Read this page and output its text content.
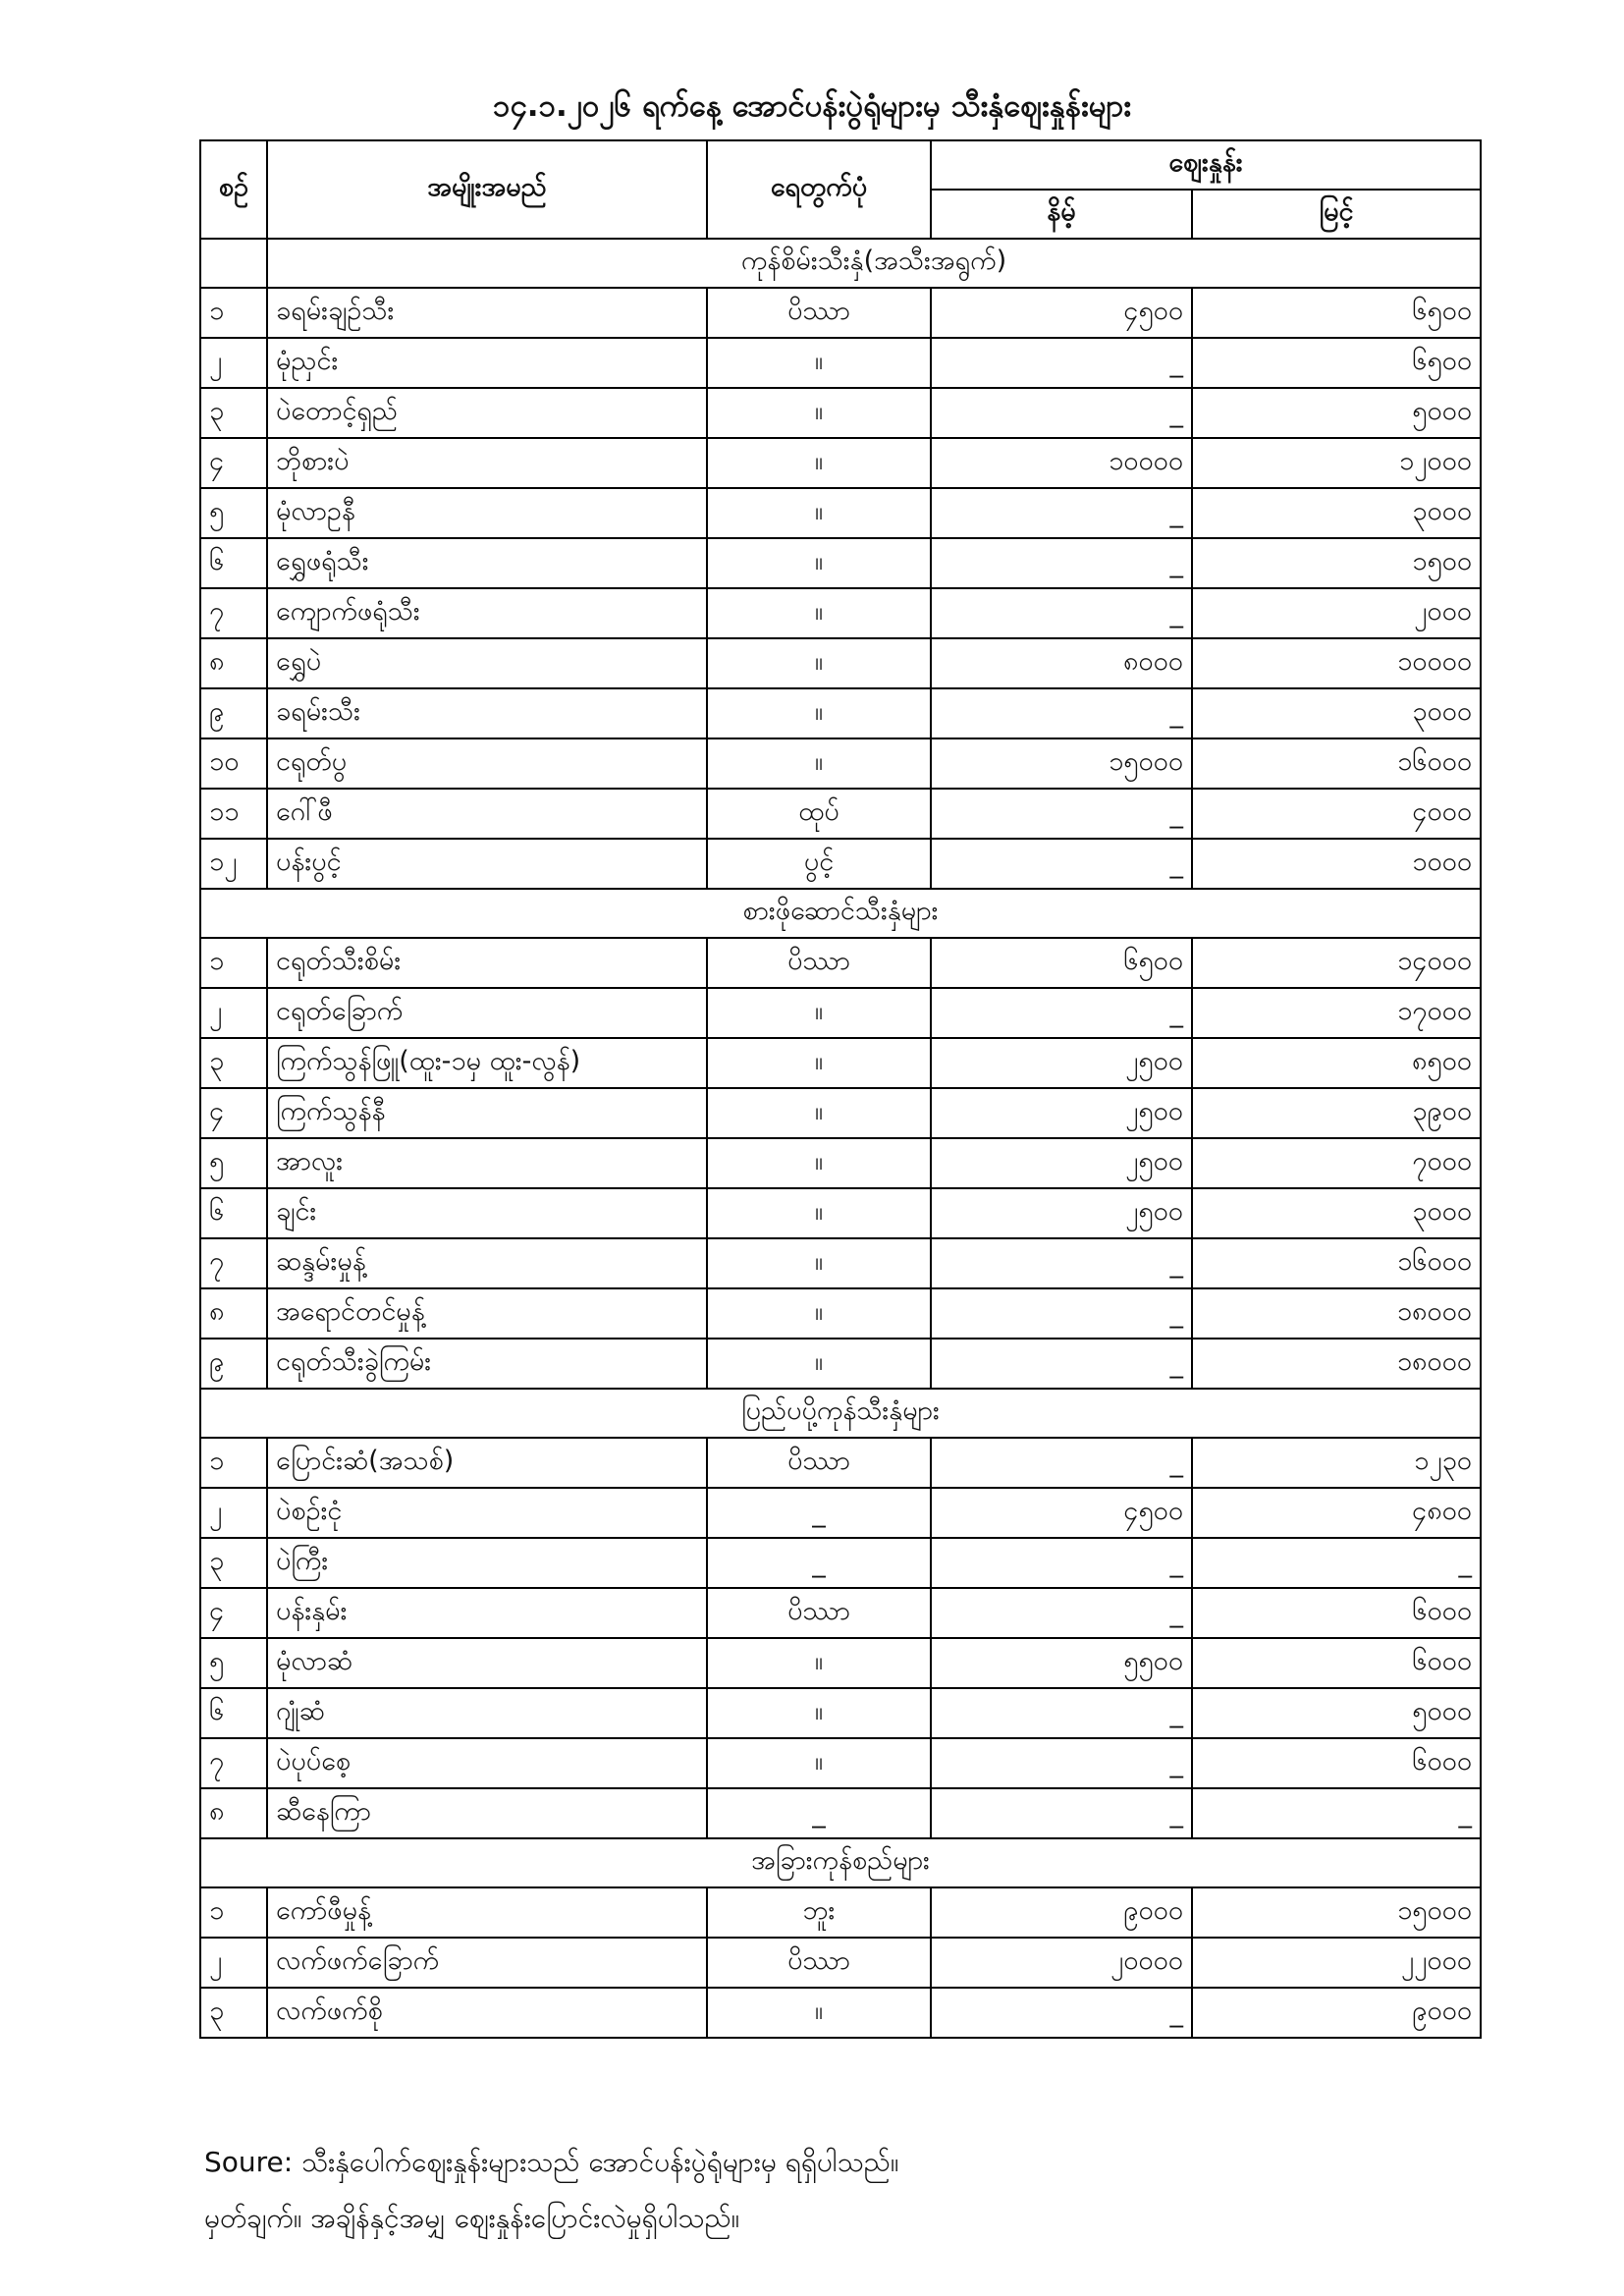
၁၄.၁.၂၀၂၆ ရက်နေ့ အောင်ပန်းပွဲရုံများမှ သီးနှံဈေးနှုန်းများ
စဉ်	အမျိုးအမည်	ရေတွက်ပုံ	ဈေးနှုန်း	
			နိမ့်	မြင့်
	ကုန်စိမ်းသီးနှံ(အသီးအရွက်)			
၁	ခရမ်းချဉ်သီး	ပိဿာ	၄၅၀၀	၆၅၀၀
၂	မုံညှင်း	။	_	၆၅၀၀
၃	ပဲတောင့်ရှည်	။	_	၅၀၀၀
၄	ဘိုစားပဲ	။	၁၀၀၀၀	၁၂၀၀၀
၅	မုံလာဥနီ	။	_	၃၀၀၀
၆	ရွှေဖရုံသီး	။	_	၁၅၀၀
၇	ကျောက်ဖရုံသီး	။	_	၂၀၀၀
၈	ရွှေပဲ	။	၈၀၀၀	၁၀၀၀၀
၉	ခရမ်းသီး	။	_	၃၀၀၀
၁၀	ငရုတ်ပွ	။	၁၅၀၀၀	၁၆၀၀၀
၁၁	ဂေါ်ဖီ	ထုပ်	_	၄၀၀၀
၁၂	ပန်းပွင့်	ပွင့်	_	၁၀၀၀
စားဖိုဆောင်သီးနှံများ				
၁	ငရုတ်သီးစိမ်း	ပိဿာ	၆၅၀၀	၁၄၀၀၀
၂	ငရုတ်ခြောက်	။	_	၁၇၀၀၀
၃	ကြက်သွန်ဖြူ(ထူး-၁မှ ထူး-လွန်)	။	၂၅၀၀	၈၅၀၀
၄	ကြက်သွန်နီ	။	၂၅၀၀	၃၉၀၀
၅	အာလူး	။	၂၅၀၀	၇၀၀၀
၆	ချင်း	။	၂၅၀၀	၃၀၀၀
၇	ဆန္ဒမ်းမှုန့်	။	_	၁၆၀၀၀
၈	အရောင်တင်မှုန့်	။	_	၁၈၀၀၀
၉	ငရုတ်သီးခွဲကြမ်း	။	_	၁၈၀၀၀
ပြည်ပပို့ကုန်သီးနှံများ				
၁	ပြောင်းဆံ(အသစ်)	ပိဿာ	_	၁၂၃၀
၂	ပဲစဉ်းငုံ	_	၄၅၀၀	၄၈၀၀
၃	ပဲကြီး	_	_	_
၄	ပန်းနှမ်း	ပိဿာ	_	၆၀၀၀
၅	မုံလာဆံ	။	၅၅၀၀	၆၀၀၀
၆	ဂျုံဆံ	။	_	၅၀၀၀
၇	ပဲပုပ်စေ့	။	_	၆၀၀၀
၈	ဆီနေကြာ	_	_	_
အခြားကုန်စည်များ				
၁	ကော်ဖီမှုန့်	ဘူး	၉၀၀၀	၁၅၀၀၀
၂	လက်ဖက်ခြောက်	ပိဿာ	၂၀၀၀၀	၂၂၀၀၀
၃	လက်ဖက်စို	။	_	၉၀၀၀
Soure: သီးနှံပေါက်ဈေးနှုန်းများသည် အောင်ပန်းပွဲရုံများမှ ရရှိပါသည်။
မှတ်ချက်။ အချိန်နှင့်အမျှ ဈေးနှုန်းပြောင်းလဲမှုရှိပါသည်။
